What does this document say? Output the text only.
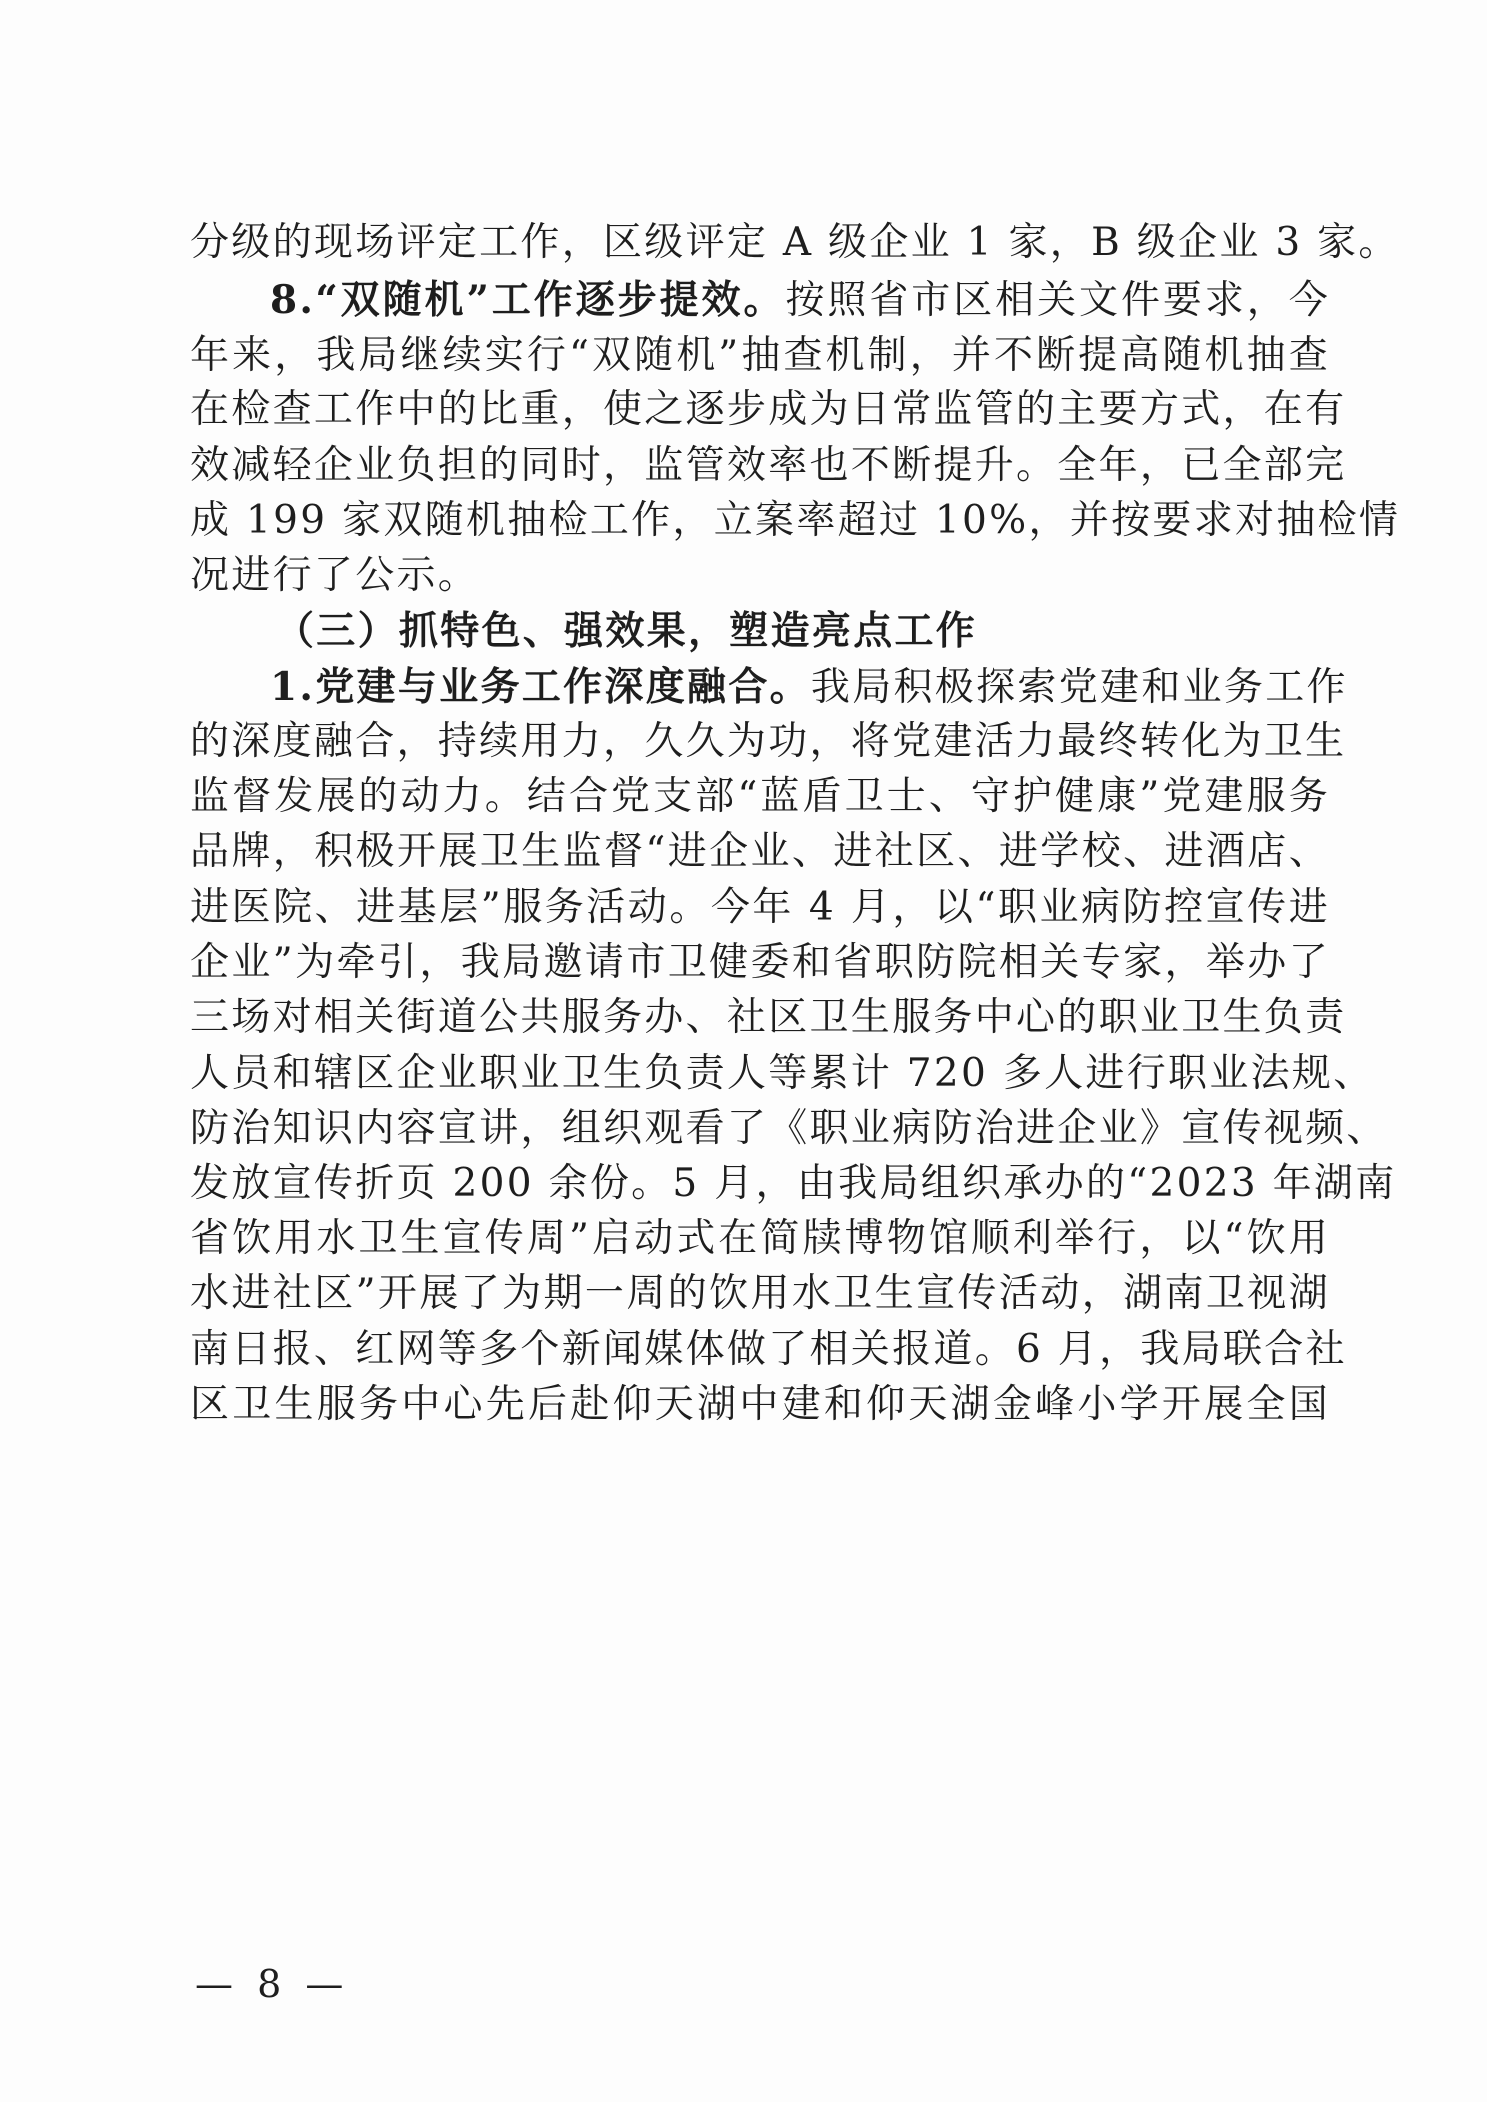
分级的现场评定工作，区级评定 A 级企业 1 家，B 级企业 3 家。
8.“双随机”工作逐步提效。按照省市区相关文件要求，今
年来，我局继续实行“双随机”抽查机制，并不断提高随机抽查
在检查工作中的比重，使之逐步成为日常监管的主要方式，在有
效减轻企业负担的同时，监管效率也不断提升。全年，已全部完
成 199 家双随机抽检工作，立案率超过 10%，并按要求对抽检情
况进行了公示。
（三）抓特色、强效果，塑造亮点工作
1.党建与业务工作深度融合。我局积极探索党建和业务工作
的深度融合，持续用力，久久为功，将党建活力最终转化为卫生
监督发展的动力。结合党支部“蓝盾卫士、守护健康”党建服务
品牌，积极开展卫生监督“进企业、进社区、进学校、进酒店、
进医院、进基层”服务活动。今年 4 月，以“职业病防控宣传进
企业”为牵引，我局邀请市卫健委和省职防院相关专家，举办了
三场对相关街道公共服务办、社区卫生服务中心的职业卫生负责
人员和辖区企业职业卫生负责人等累计 720 多人进行职业法规、
防治知识内容宣讲，组织观看了《职业病防治进企业》宣传视频、
发放宣传折页 200 余份。5 月，由我局组织承办的“2023 年湖南
省饮用水卫生宣传周”启动式在简牍博物馆顺利举行，以“饮用
水进社区”开展了为期一周的饮用水卫生宣传活动，湖南卫视湖
南日报、红网等多个新闻媒体做了相关报道。6 月，我局联合社
区卫生服务中心先后赴仰天湖中建和仰天湖金峰小学开展全国
— 8 —
